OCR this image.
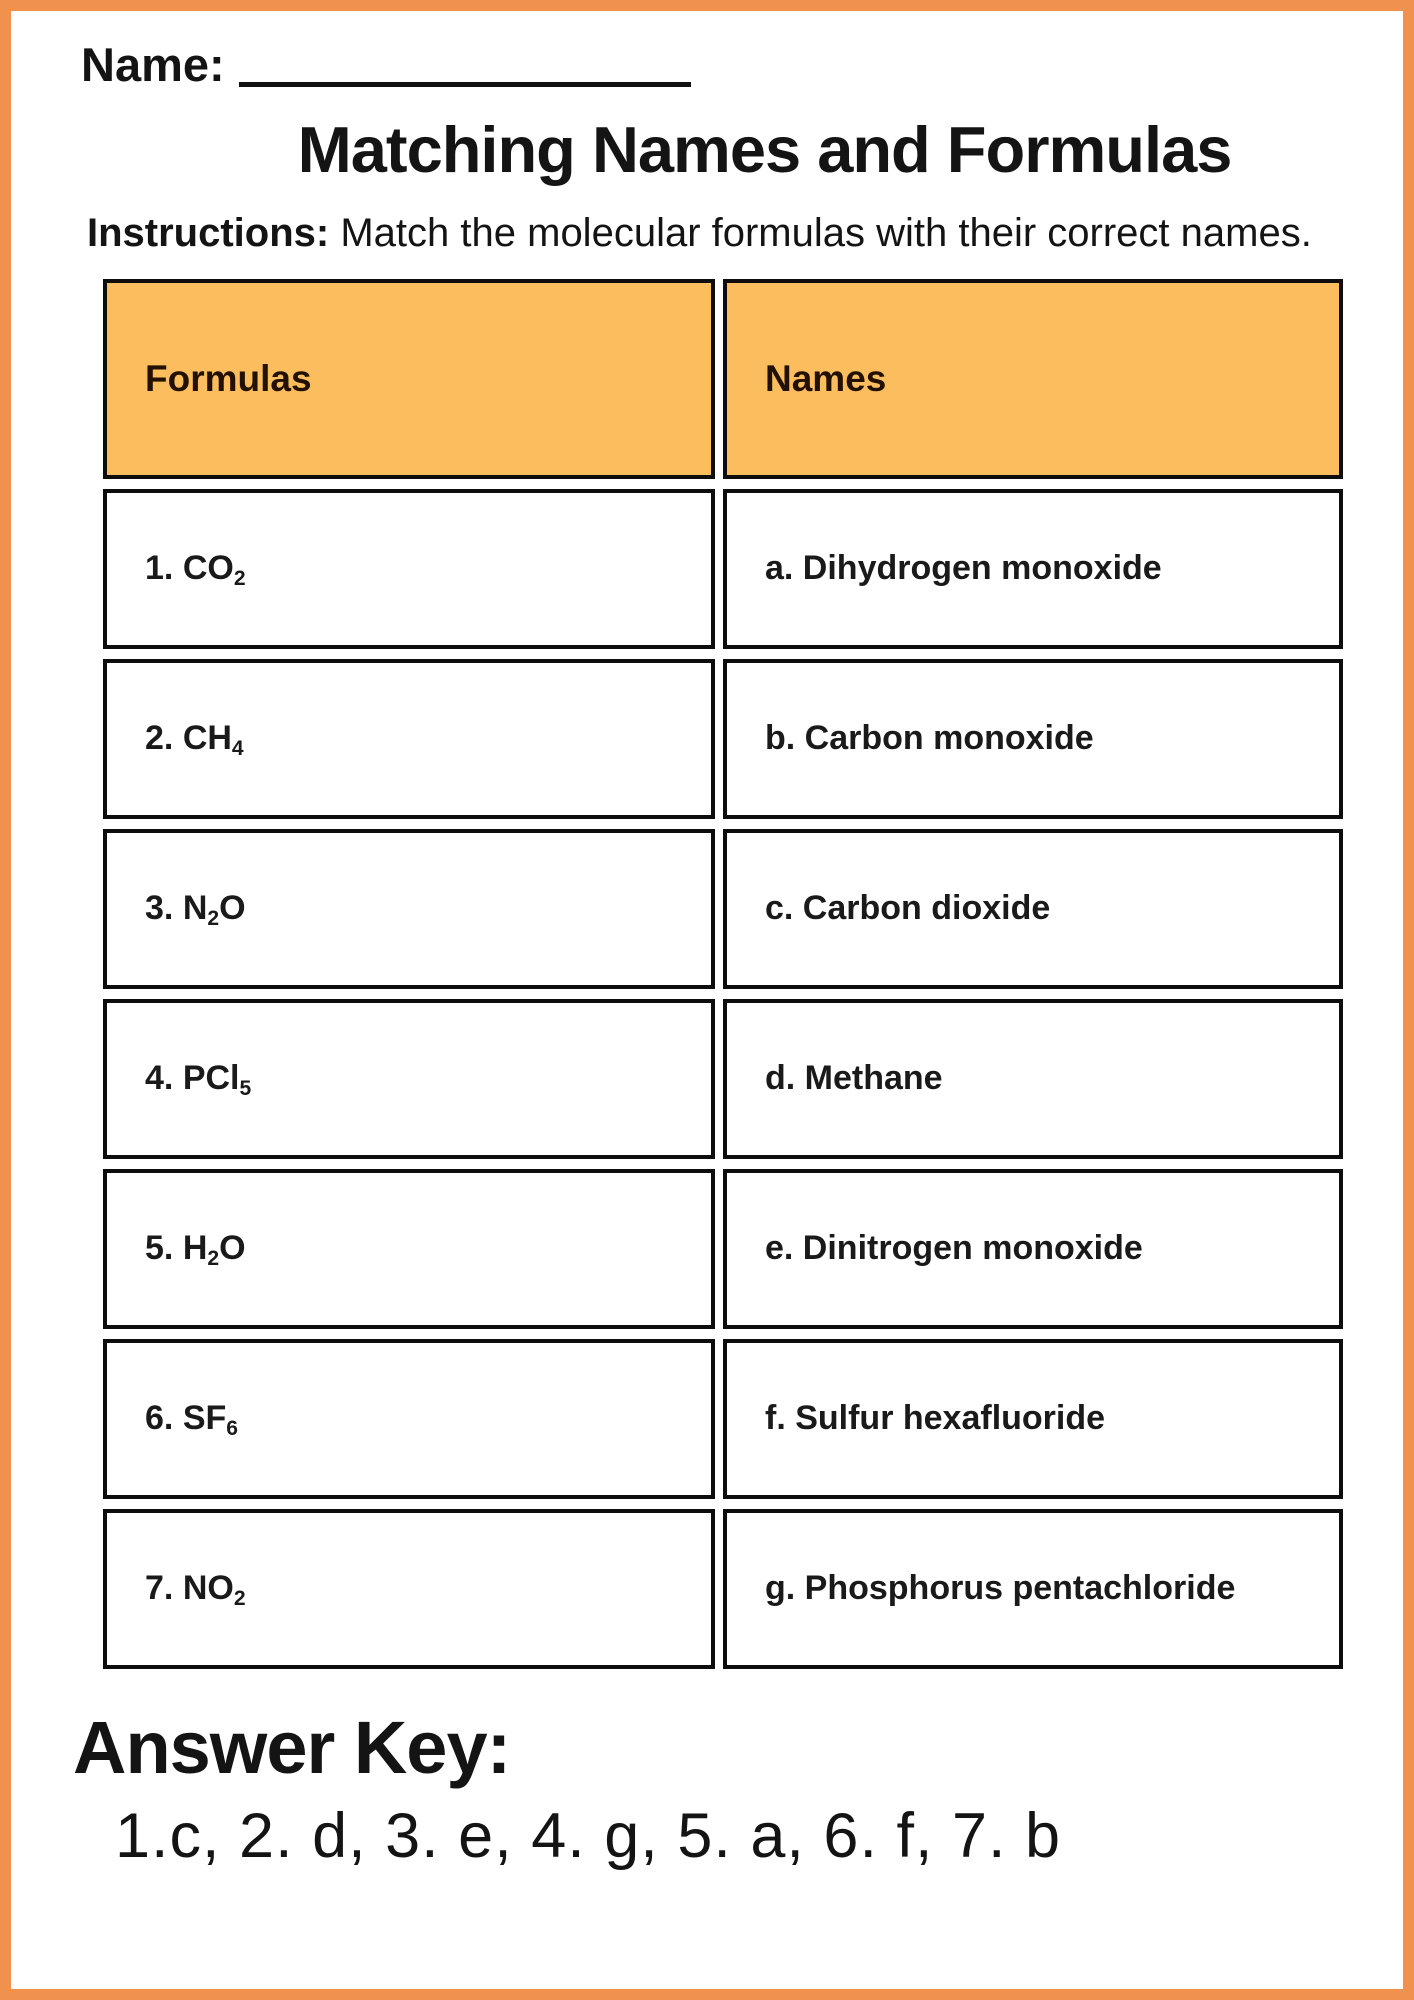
Name:
Matching Names and Formulas
Instructions: Match the molecular formulas with their correct names.
Formulas	Names
1. $CO_2$	a. Dihydrogen monoxide
2. $CH_4$	b. Carbon monoxide
3. $N_2O$	c. Carbon dioxide
4. PCl$_5$	d. Methane
5. $H_2O$	e. Dinitrogen monoxide
6. $SF_6$	f. Sulfur hexafluoride
7. $NO_2$	g. Phosphorus pentachloride
Answer Key:
1.c, 2. d, 3. e, 4. g, 5. a, 6. f, 7. b
